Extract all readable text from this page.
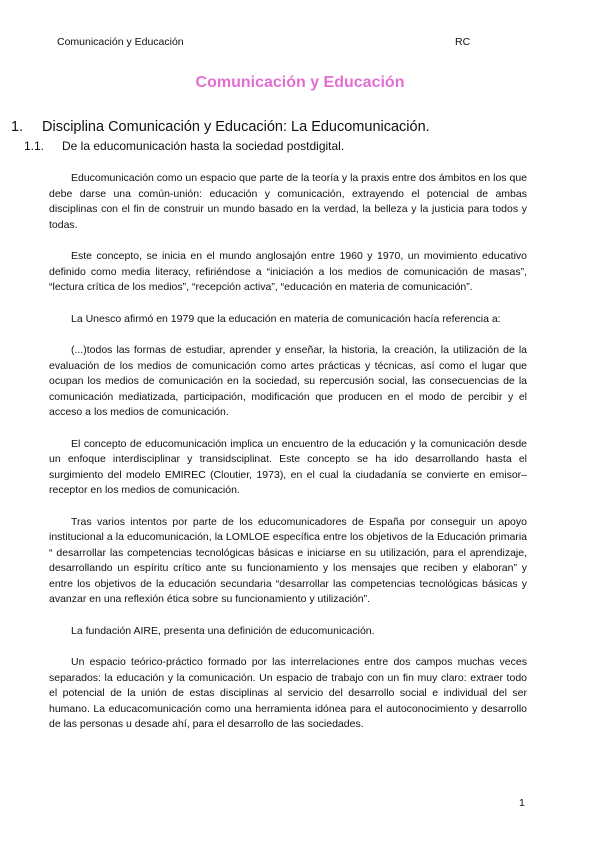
Comunicación y Educación	RC
Comunicación y Educación
1. Disciplina Comunicación y Educación: La Educomunicación.
1.1. De la educomunicación hasta la sociedad postdigital.

Educomunicación como un espacio que parte de la teoría y la praxis entre dos ámbitos en los que debe darse una común-unión: educación y comunicación, extrayendo el potencial de ambas disciplinas con el fin de construir un mundo basado en la verdad, la belleza y la justicia para todos y todas.

Este concepto, se inicia en el mundo anglosajón entre 1960 y 1970, un movimiento educativo definido como media literacy, refiriéndose a “iniciación a los medios de comunicación de masas”, “lectura crítica de los medios”, “recepción activa”, “educación en materia de comunicación”.

La Unesco afirmó en 1979 que la educación en materia de comunicación hacía referencia a:

(...)todos las formas de estudiar, aprender y enseñar, la historia, la creación, la utilización de la evaluación de los medios de comunicación como artes prácticas y técnicas, así como el lugar que ocupan los medios de comunicación en la sociedad, su repercusión social, las consecuencias de la comunicación mediatizada, participación, modificación que producen en el modo de percibir y el acceso a los medios de comunicación.

El concepto de educomunicación implica un encuentro de la educación y la comunicación desde un enfoque interdisciplinar y transidsciplinat. Este concepto se ha ido desarrollando hasta el surgimiento del modelo EMIREC (Cloutier, 1973), en el cual la ciudadanía se convierte en emisor–receptor en los medios de comunicación.

Tras varios intentos por parte de los educomunicadores de España por conseguir un apoyo institucional a la educomunicación, la LOMLOE específica entre los objetivos de la Educación primaria “ desarrollar las competencias tecnológicas básicas e iniciarse en su utilización, para el aprendizaje, desarrollando un espíritu crítico ante su funcionamiento y los mensajes que reciben y elaboran” y entre los objetivos de la educación secundaria “desarrollar las competencias tecnológicas básicas y avanzar en una reflexión ética sobre su funcionamiento y utilización”.

La fundación AIRE, presenta una definición de educomunicación.

Un espacio teórico-práctico formado por las interrelaciones entre dos campos muchas veces separados: la educación y la comunicación. Un espacio de trabajo con un fin muy claro: extraer todo el potencial de la unión de estas disciplinas al servicio del desarrollo social e individual del ser humano. La educacomunicación como una herramienta idónea para el autoconocimiento y desarrollo de las personas u desade ahí, para el desarrollo de las sociedades.

1
